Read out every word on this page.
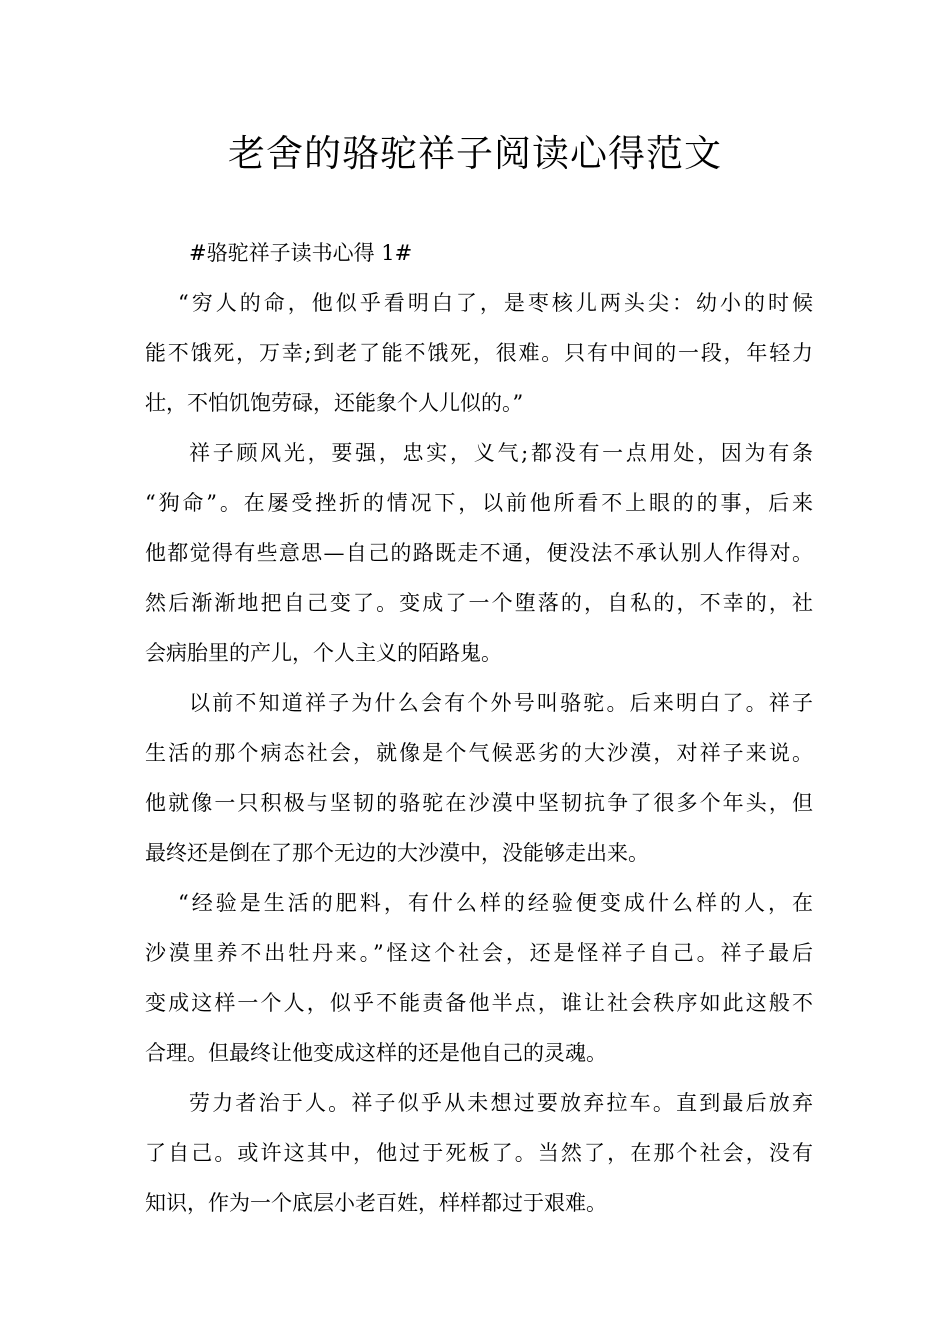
老舍的骆驼祥子阅读心得范文

#骆驼祥子读书心得 1#

“穷人的命，他似乎看明白了，是枣核儿两头尖：幼小的时候
能不饿死，万幸;到老了能不饿死，很难。只有中间的一段，年轻力
壮，不怕饥饱劳碌，还能象个人儿似的。”

祥子顾风光，要强，忠实，义气;都没有一点用处，因为有条
“狗命”。在屡受挫折的情况下，以前他所看不上眼的的事，后来
他都觉得有些意思—自己的路既走不通，便没法不承认别人作得对。
然后渐渐地把自己变了。变成了一个堕落的，自私的，不幸的，社
会病胎里的产儿，个人主义的陌路鬼。

以前不知道祥子为什么会有个外号叫骆驼。后来明白了。祥子
生活的那个病态社会，就像是个气候恶劣的大沙漠，对祥子来说。
他就像一只积极与坚韧的骆驼在沙漠中坚韧抗争了很多个年头，但
最终还是倒在了那个无边的大沙漠中，没能够走出来。

“经验是生活的肥料，有什么样的经验便变成什么样的人，在
沙漠里养不出牡丹来。”怪这个社会，还是怪祥子自己。祥子最后
变成这样一个人，似乎不能责备他半点，谁让社会秩序如此这般不
合理。但最终让他变成这样的还是他自己的灵魂。

劳力者治于人。祥子似乎从未想过要放弃拉车。直到最后放弃
了自己。或许这其中，他过于死板了。当然了，在那个社会，没有
知识，作为一个底层小老百姓，样样都过于艰难。
